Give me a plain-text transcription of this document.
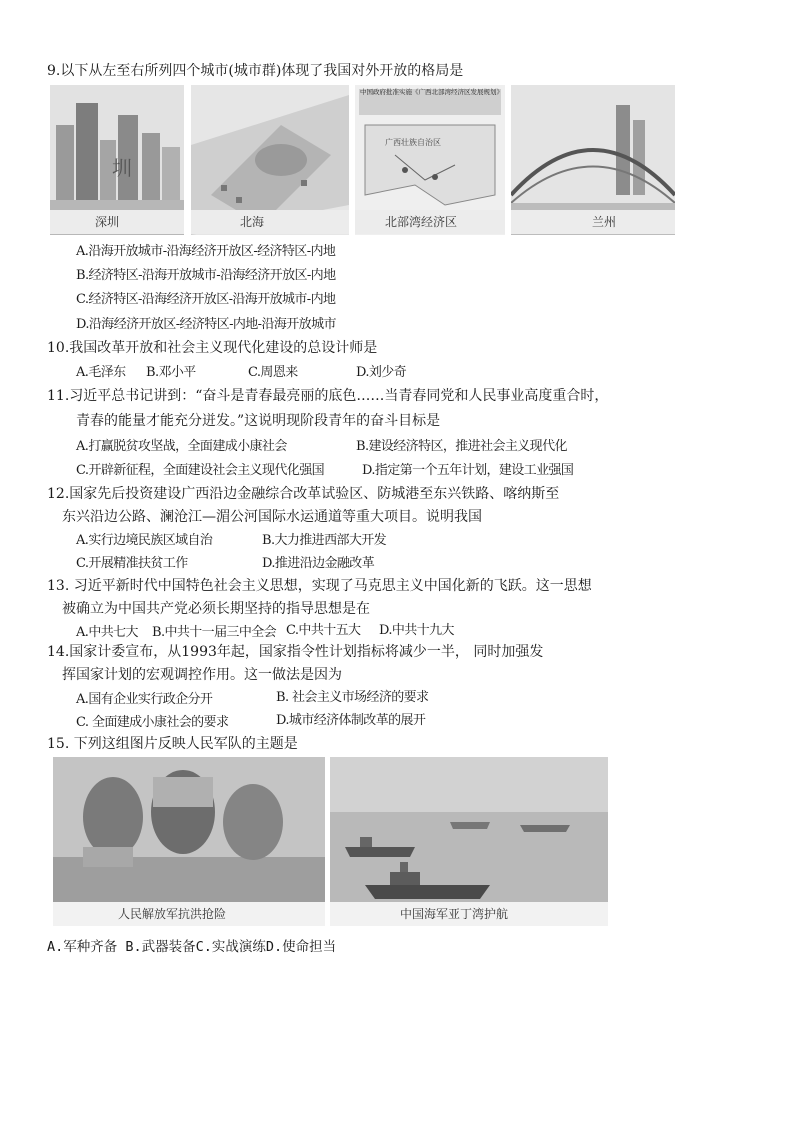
9.以下从左至右所列四个城市(城市群)体现了我国对外开放的格局是
圳
深圳	北海
中国政府批准实施《广西北部湾经济区发展规划》
广西壮族自治区
北部湾经济区	兰州
A.沿海开放城市-沿海经济开放区-经济特区-内地
B.经济特区-沿海开放城市-沿海经济开放区-内地
C.经济特区-沿海经济开放区-沿海开放城市-内地
D.沿海经济开放区-经济特区-内地-沿海开放城市
10.我国改革开放和社会主义现代化建设的总设计师是
A.毛泽东 B.邓小平	C.周恩来	D.刘少奇
11.习近平总书记讲到：“奋斗是青春最亮丽的底色……当青春同党和人民事业高度重合时，
青春的能量才能充分迸发。”这说明现阶段青年的奋斗目标是
A.打赢脱贫攻坚战，全面建成小康社会	B.建设经济特区，推进社会主义现代化
C.开辟新征程，全面建设社会主义现代化强国	D.指定第一个五年计划，建设工业强国
12.国家先后投资建设广西沿边金融综合改革试验区、防城港至东兴铁路、喀纳斯至
东兴沿边公路、澜沧江—湄公河国际水运通道等重大项目。说明我国
A.实行边境民族区域自治	B.大力推进西部大开发
C.开展精准扶贫工作	D.推进沿边金融改革
13. 习近平新时代中国特色社会主义思想，实现了马克思主义中国化新的飞跃。这一思想
被确立为中国共产党必须长期坚持的指导思想是在
A.中共七大 B.中共十一届三中全会 C.中共十五大 D.中共十九大
14.国家计委宣布，从1993年起，国家指令性计划指标将减少一半， 同时加强发
挥国家计划的宏观调控作用。这一做法是因为
A.国有企业实行政企分开	B. 社会主义市场经济的要求
C. 全面建成小康社会的要求	D.城市经济体制改革的展开
15. 下列这组图片反映人民军队的主题是
人民解放军抗洪抢险	中国海军亚丁湾护航
A.军种齐备 B.武器装备C.实战演练D.使命担当
